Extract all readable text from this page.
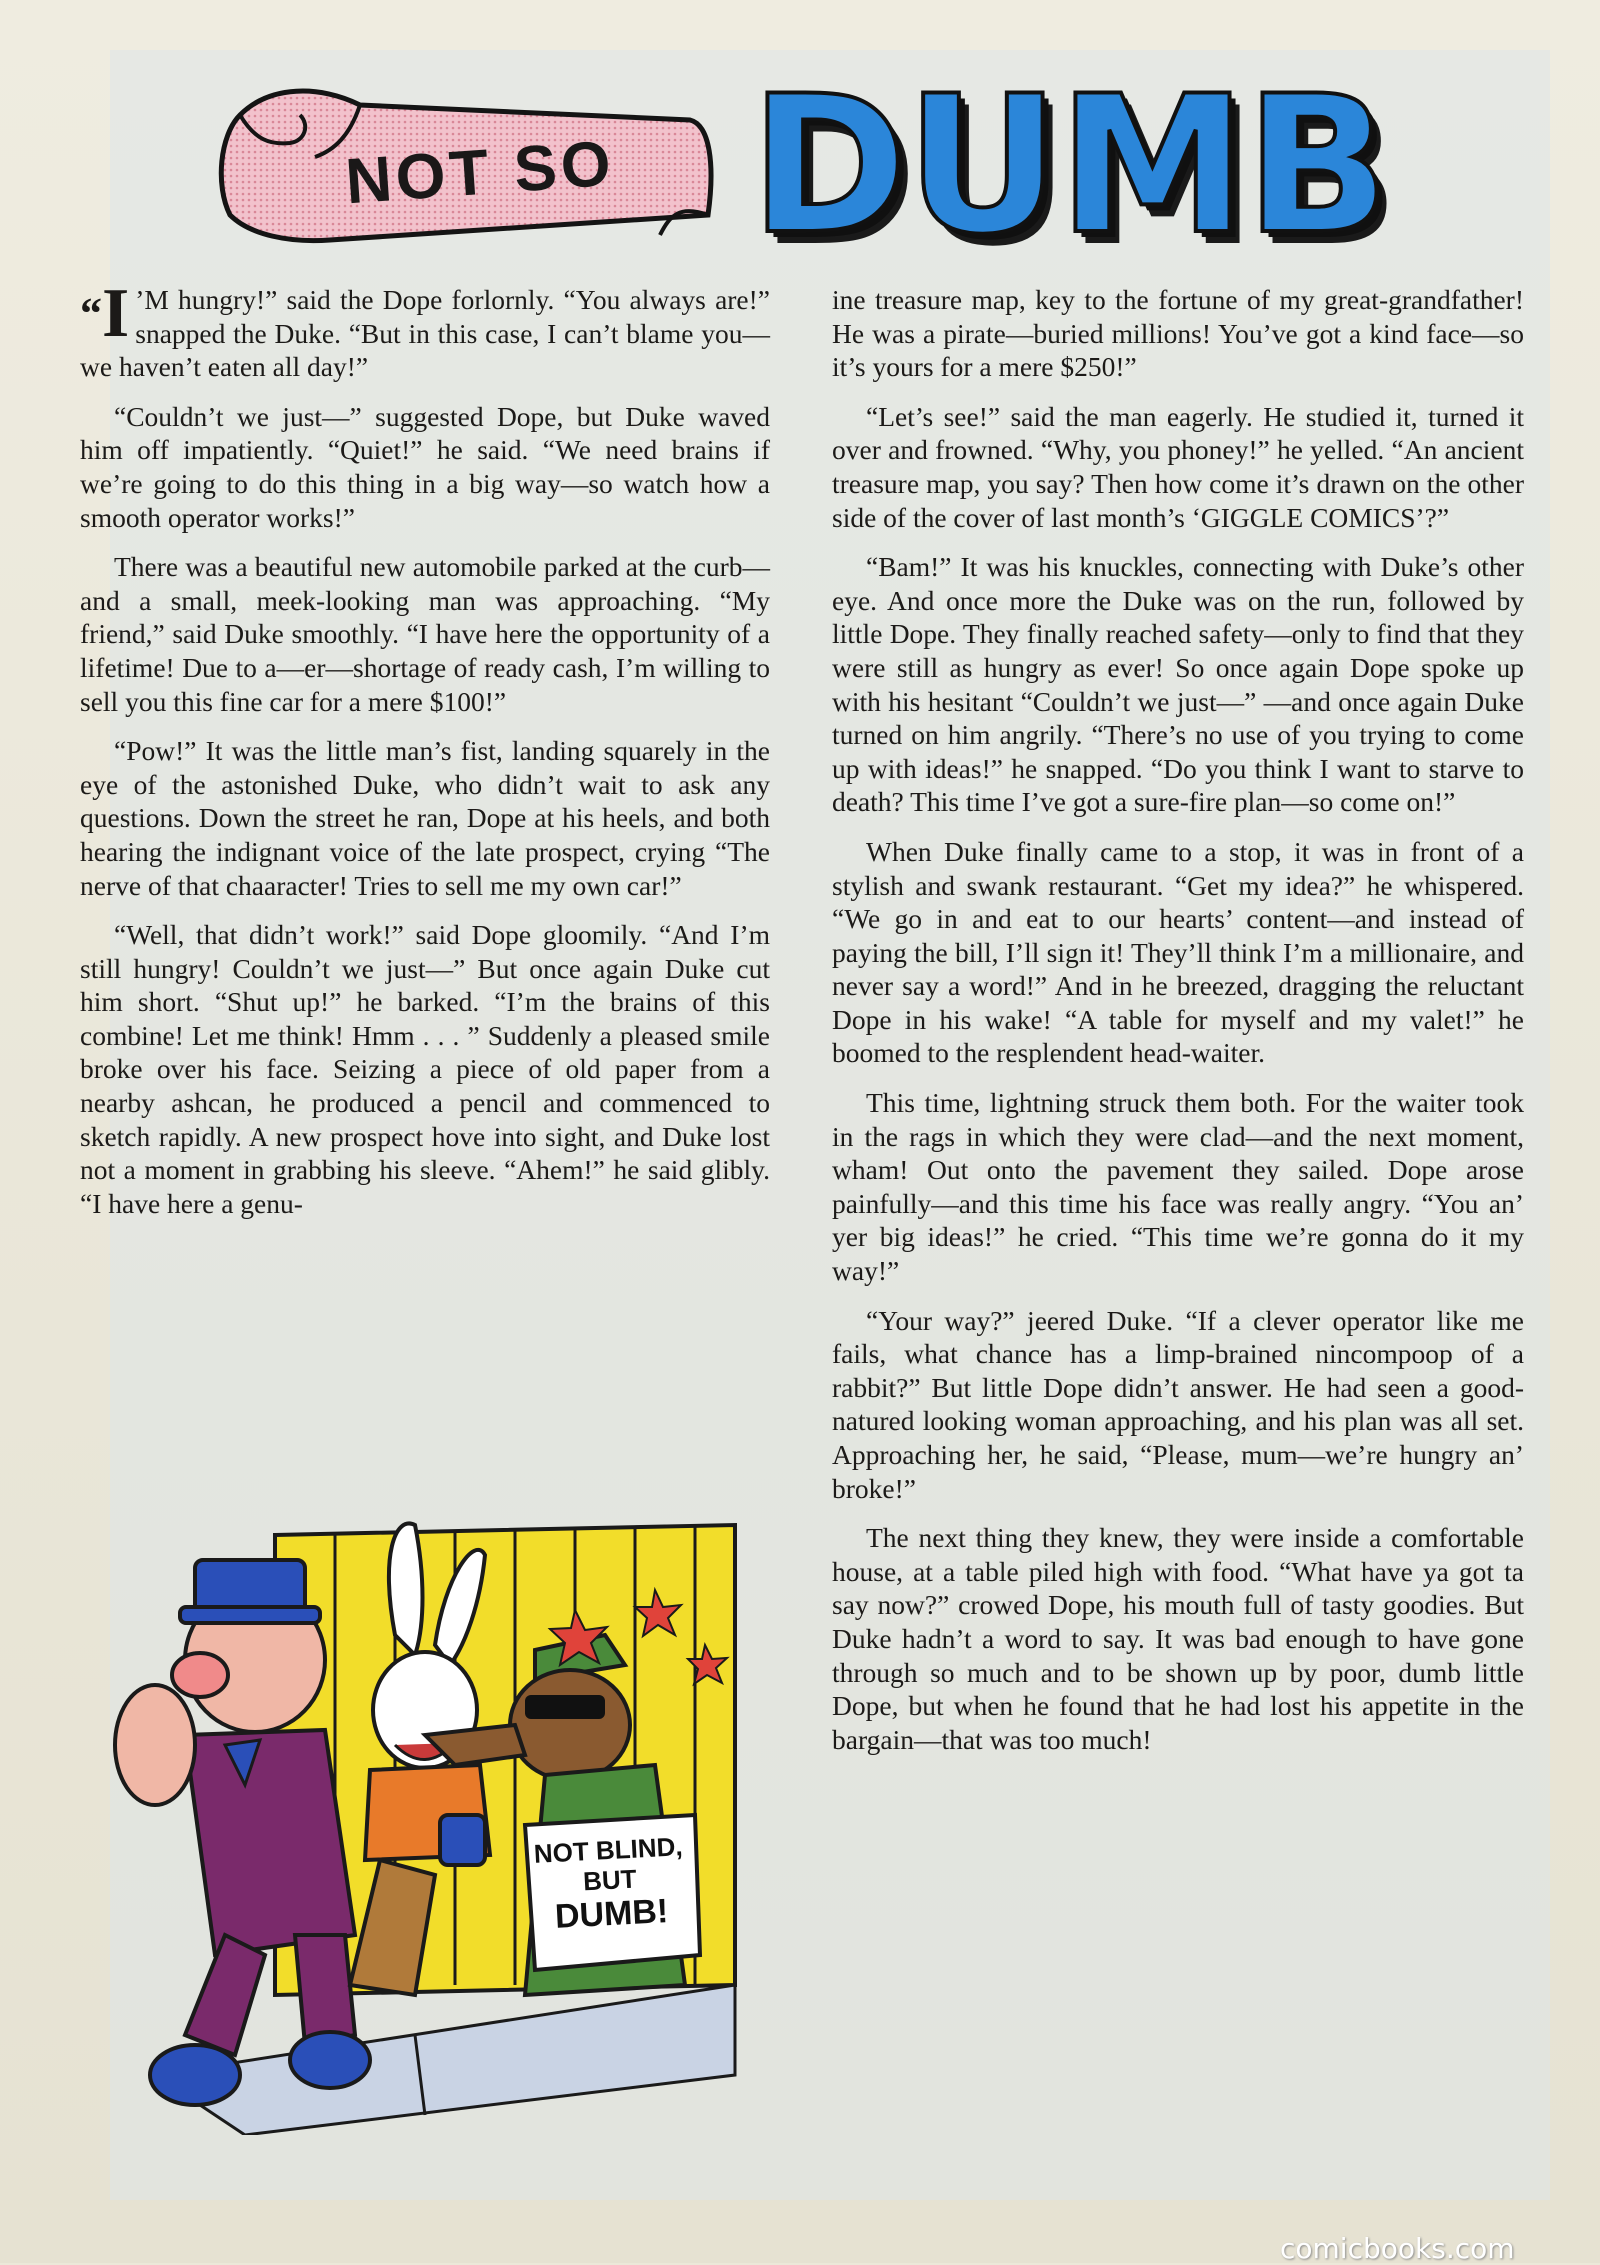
NOT SO DUMB

“I ’M hungry!” said the Dope forlornly. “You always are!” snapped the Duke. “But in this case, I can’t blame you—we haven’t eaten all day!”

“Couldn’t we just—” suggested Dope, but Duke waved him off impatiently. “Quiet!” he said. “We need brains if we’re going to do this thing in a big way—so watch how a smooth operator works!”

There was a beautiful new automobile parked at the curb—and a small, meek-looking man was approaching. “My friend,” said Duke smoothly. “I have here the opportunity of a lifetime! Due to a—er—shortage of ready cash, I’m willing to sell you this fine car for a mere $100!”

“Pow!” It was the little man’s fist, landing squarely in the eye of the astonished Duke, who didn’t wait to ask any questions. Down the street he ran, Dope at his heels, and both hearing the indignant voice of the late prospect, crying “The nerve of that chaaracter! Tries to sell me my own car!”

“Well, that didn’t work!” said Dope gloomily. “And I’m still hungry! Couldn’t we just—” But once again Duke cut him short. “Shut up!” he barked. “I’m the brains of this combine! Let me think! Hmm . . . ” Suddenly a pleased smile broke over his face. Seizing a piece of old paper from a nearby ashcan, he produced a pencil and commenced to sketch rapidly. A new prospect hove into sight, and Duke lost not a moment in grabbing his sleeve. “Ahem!” he said glibly. “I have here a genu-

ine treasure map, key to the fortune of my great-grandfather! He was a pirate—buried millions! You’ve got a kind face—so it’s yours for a mere $250!”

“Let’s see!” said the man eagerly. He studied it, turned it over and frowned. “Why, you phoney!” he yelled. “An ancient treasure map, you say? Then how come it’s drawn on the other side of the cover of last month’s ‘GIGGLE COMICS’?”

“Bam!” It was his knuckles, connecting with Duke’s other eye. And once more the Duke was on the run, followed by little Dope. They finally reached safety—only to find that they were still as hungry as ever! So once again Dope spoke up with his hesitant “Couldn’t we just—” —and once again Duke turned on him angrily. “There’s no use of you trying to come up with ideas!” he snapped. “Do you think I want to starve to death? This time I’ve got a sure-fire plan—so come on!”

When Duke finally came to a stop, it was in front of a stylish and swank restaurant. “Get my idea?” he whispered. “We go in and eat to our hearts’ content—and instead of paying the bill, I’ll sign it! They’ll think I’m a millionaire, and never say a word!” And in he breezed, dragging the reluctant Dope in his wake! “A table for myself and my valet!” he boomed to the resplendent head-waiter.

This time, lightning struck them both. For the waiter took in the rags in which they were clad—and the next moment, wham! Out onto the pavement they sailed. Dope arose painfully—and this time his face was really angry. “You an’ yer big ideas!” he cried. “This time we’re gonna do it my way!”

“Your way?” jeered Duke. “If a clever operator like me fails, what chance has a limp-brained nincompoop of a rabbit?” But little Dope didn’t answer. He had seen a good-natured looking woman approaching, and his plan was all set. Approaching her, he said, “Please, mum—we’re hungry an’ broke!”

The next thing they knew, they were inside a comfortable house, at a table piled high with food. “What have ya got ta say now?” crowed Dope, his mouth full of tasty goodies. But Duke hadn’t a word to say. It was bad enough to have gone through so much and to be shown up by poor, dumb little Dope, but when he found that he had lost his appetite in the bargain—that was too much!

NOT BLIND,
BUT
DUMB!
comicbooks.com
